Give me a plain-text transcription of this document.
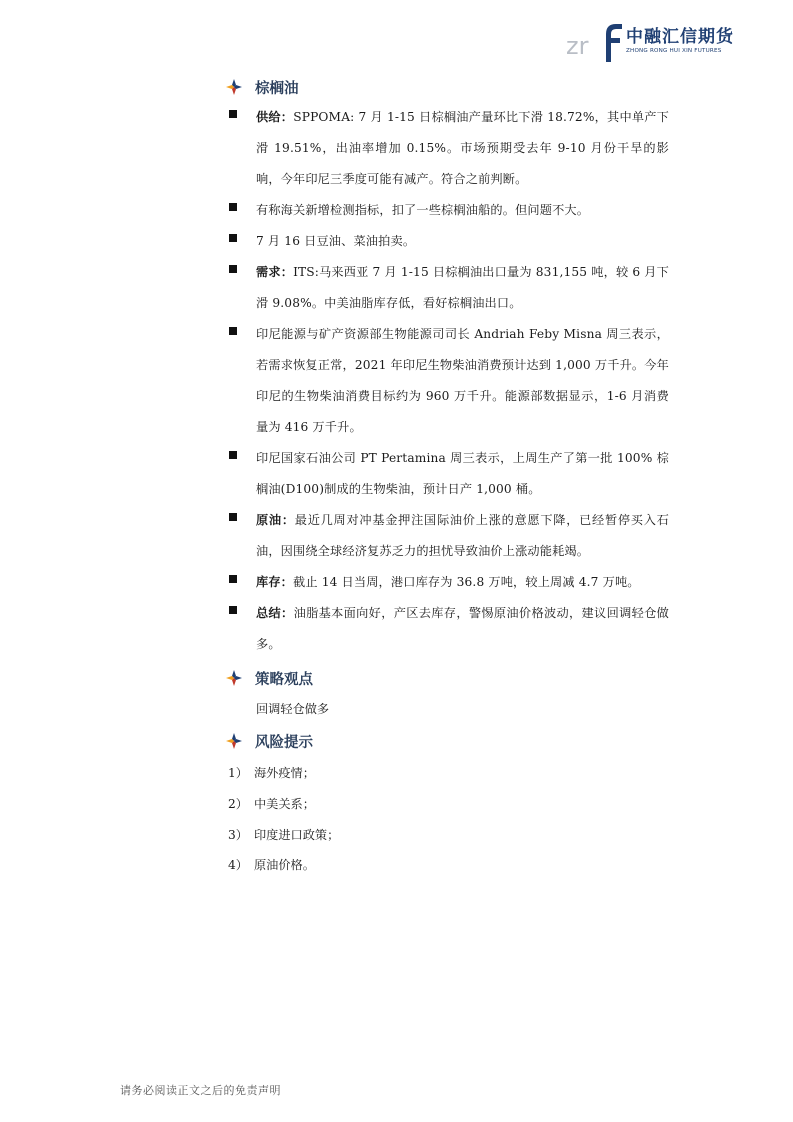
zr 中融汇信期货
ZHONG RONG HUI XIN FUTURES
棕榈油
供给：SPPOMA: 7 月 1-15 日棕榈油产量环比下滑 18.72%，其中单产下滑 19.51%，出油率增加 0.15%。市场预期受去年 9-10 月份干旱的影响，今年印尼三季度可能有减产。符合之前判断。
有称海关新增检测指标，扣了一些棕榈油船的。但问题不大。
7 月 16 日豆油、菜油拍卖。
需求：ITS:马来西亚 7 月 1-15 日棕榈油出口量为 831,155 吨，较 6 月下滑 9.08%。中美油脂库存低，看好棕榈油出口。
印尼能源与矿产资源部生物能源司司长 Andriah Feby Misna 周三表示，若需求恢复正常，2021 年印尼生物柴油消费预计达到 1,000 万千升。今年印尼的生物柴油消费目标约为 960 万千升。能源部数据显示，1-6 月消费量为 416 万千升。
印尼国家石油公司 PT Pertamina 周三表示，上周生产了第一批 100% 棕榈油(D100)制成的生物柴油，预计日产 1,000 桶。
原油：最近几周对冲基金押注国际油价上涨的意愿下降，已经暂停买入石油，因围绕全球经济复苏乏力的担忧导致油价上涨动能耗竭。
库存：截止 14 日当周，港口库存为 36.8 万吨，较上周减 4.7 万吨。
总结：油脂基本面向好，产区去库存，警惕原油价格波动，建议回调轻仓做多。
策略观点
回调轻仓做多
风险提示
1） 海外疫情；
2） 中美关系；
3） 印度进口政策；
4） 原油价格。
请务必阅读正文之后的免责声明
